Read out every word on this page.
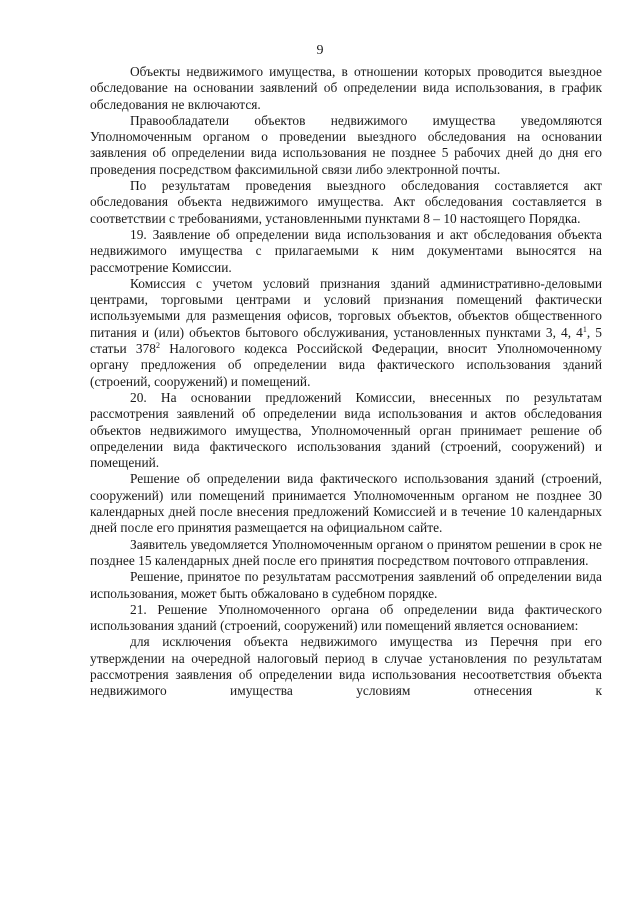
9

Объекты недвижимого имущества, в отношении которых проводится выездное обследование на основании заявлений об определении вида использования, в график обследования не включаются.

Правообладатели объектов недвижимого имущества уведомляются Уполномоченным органом о проведении выездного обследования на основании заявления об определении вида использования не позднее 5 рабочих дней до дня его проведения посредством факсимильной связи либо электронной почты.

По результатам проведения выездного обследования составляется акт обследования объекта недвижимого имущества. Акт обследования составляется в соответствии с требованиями, установленными пунктами 8 – 10 настоящего Порядка.

19. Заявление об определении вида использования и акт обследования объекта недвижимого имущества с прилагаемыми к ним документами выносятся на рассмотрение Комиссии.

Комиссия с учетом условий признания зданий административно-деловыми центрами, торговыми центрами и условий признания помещений фактически используемыми для размещения офисов, торговых объектов, объектов общественного питания и (или) объектов бытового обслуживания, установленных пунктами 3, 4, $4^1$, 5 статьи $378^2$ Налогового кодекса Российской Федерации, вносит Уполномоченному органу предложения об определении вида фактического использования зданий (строений, сооружений) и помещений.

20. На основании предложений Комиссии, внесенных по результатам рассмотрения заявлений об определении вида использования и актов обследования объектов недвижимого имущества, Уполномоченный орган принимает решение об определении вида фактического использования зданий (строений, сооружений) и помещений.

Решение об определении вида фактического использования зданий (строений, сооружений) или помещений принимается Уполномоченным органом не позднее 30 календарных дней после внесения предложений Комиссией и в течение 10 календарных дней после его принятия размещается на официальном сайте.

Заявитель уведомляется Уполномоченным органом о принятом решении в срок не позднее 15 календарных дней после его принятия посредством почтового отправления.

Решение, принятое по результатам рассмотрения заявлений об определении вида использования, может быть обжаловано в судебном порядке.

21. Решение Уполномоченного органа об определении вида фактического использования зданий (строений, сооружений) или помещений является основанием:

для исключения объекта недвижимого имущества из Перечня при его утверждении на очередной налоговый период в случае установления по результатам рассмотрения заявления об определении вида использования несоответствия объекта недвижимого имущества условиям отнесения к
